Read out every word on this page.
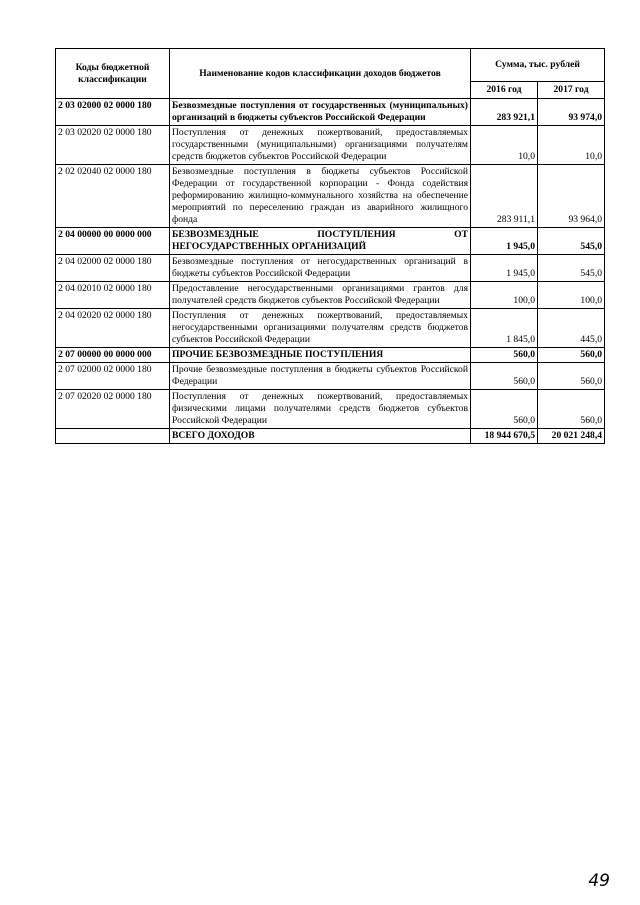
Коды бюджетной классификации	Наименование кодов классификации доходов бюджетов	Сумма, тыс. рублей	
		2016 год	2017 год
2 03 02000 02 0000 180	Безвозмездные поступления от государственных (муниципальных) организаций в бюджеты субъектов Российской Федерации	283 921,1	93 974,0
2 03 02020 02 0000 180	Поступления от денежных пожертвований, предоставляемых государственными (муниципальными) организациями получателям средств бюджетов субъектов Российской Федерации	10,0	10,0
2 02 02040 02 0000 180	Безвозмездные поступления в бюджеты субъектов Российской Федерации от государственной корпорации - Фонда содействия реформированию жилищно-коммунального хозяйства на обеспечение мероприятий по переселению граждан из аварийного жилищного фонда	283 911,1	93 964,0
2 04 00000 00 0000 000	БЕЗВОЗМЕЗДНЫЕ ПОСТУПЛЕНИЯ ОТ НЕГОСУДАРСТВЕННЫХ ОРГАНИЗАЦИЙ	1 945,0	545,0
2 04 02000 02 0000 180	Безвозмездные поступления от негосударственных организаций в бюджеты субъектов Российской Федерации	1 945,0	545,0
2 04 02010 02 0000 180	Предоставление негосударственными организациями грантов для получателей средств бюджетов субъектов Российской Федерации	100,0	100,0
2 04 02020 02 0000 180	Поступления от денежных пожертвований, предоставляемых негосударственными организациями получателям средств бюджетов субъектов Российской Федерации	1 845,0	445,0
2 07 00000 00 0000 000	ПРОЧИЕ БЕЗВОЗМЕЗДНЫЕ ПОСТУПЛЕНИЯ	560,0	560,0
2 07 02000 02 0000 180	Прочие безвозмездные поступления в бюджеты субъектов Российской Федерации	560,0	560,0
2 07 02020 02 0000 180	Поступления от денежных пожертвований, предоставляемых физическими лицами получателями средств бюджетов субъектов Российской Федерации	560,0	560,0
	ВСЕГО ДОХОДОВ	18 944 670,5	20 021 248,4
49
